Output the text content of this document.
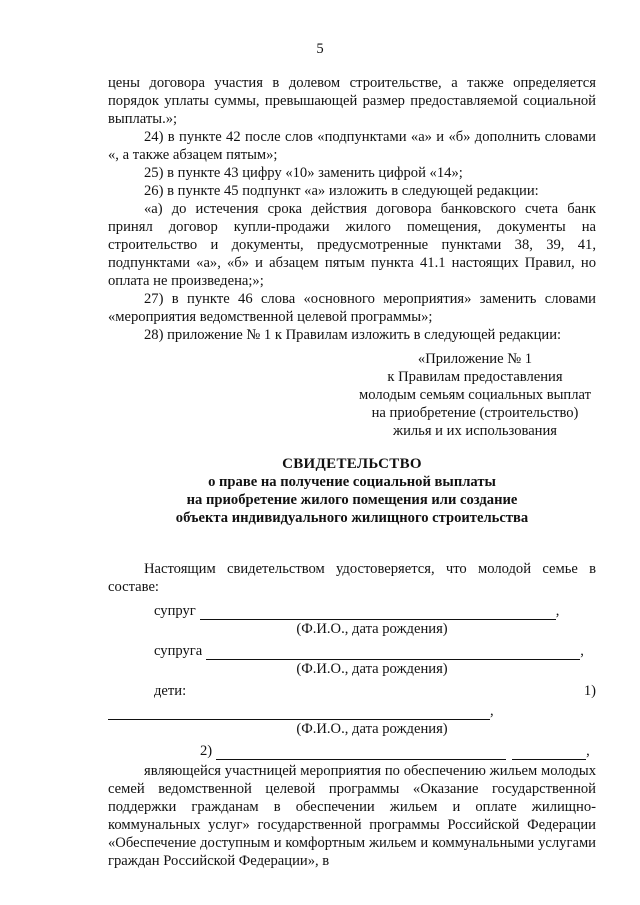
5

цены договора участия в долевом строительстве, а также определяется порядок уплаты суммы, превышающей размер предоставляемой социальной выплаты.»;

24) в пункте 42 после слов «подпунктами «а» и «б» дополнить словами «, а также абзацем пятым»;

25) в пункте 43 цифру «10» заменить цифрой «14»;

26) в пункте 45 подпункт «а» изложить в следующей редакции:

«а) до истечения срока действия договора банковского счета банк принял договор купли-продажи жилого помещения, документы на строительство и документы, предусмотренные пунктами 38, 39, 41, подпунктами «а», «б» и абзацем пятым пункта 41.1 настоящих Правил, но оплата не произведена;»;

27) в пункте 46 слова «основного мероприятия» заменить словами «мероприятия ведомственной целевой программы»;

28) приложение № 1 к Правилам изложить в следующей редакции:

«Приложение № 1
к Правилам предоставления
молодым семьям социальных выплат
на приобретение (строительство)
жилья и их использования
СВИДЕТЕЛЬСТВО
о праве на получение социальной выплаты
на приобретение жилого помещения или создание
объекта индивидуального жилищного строительства

Настоящим свидетельством удостоверяется, что молодой семье в составе:

супруг	,
(Ф.И.О., дата рождения)
супруга	,
(Ф.И.О., дата рождения)
дети:	1)
,
(Ф.И.О., дата рождения)
2)	,

являющейся участницей мероприятия по обеспечению жильем молодых семей ведомственной целевой программы «Оказание государственной поддержки гражданам в обеспечении жильем и оплате жилищно-коммунальных услуг» государственной программы Российской Федерации «Обеспечение доступным и комфортным жильем и коммунальными услугами граждан Российской Федерации», в
